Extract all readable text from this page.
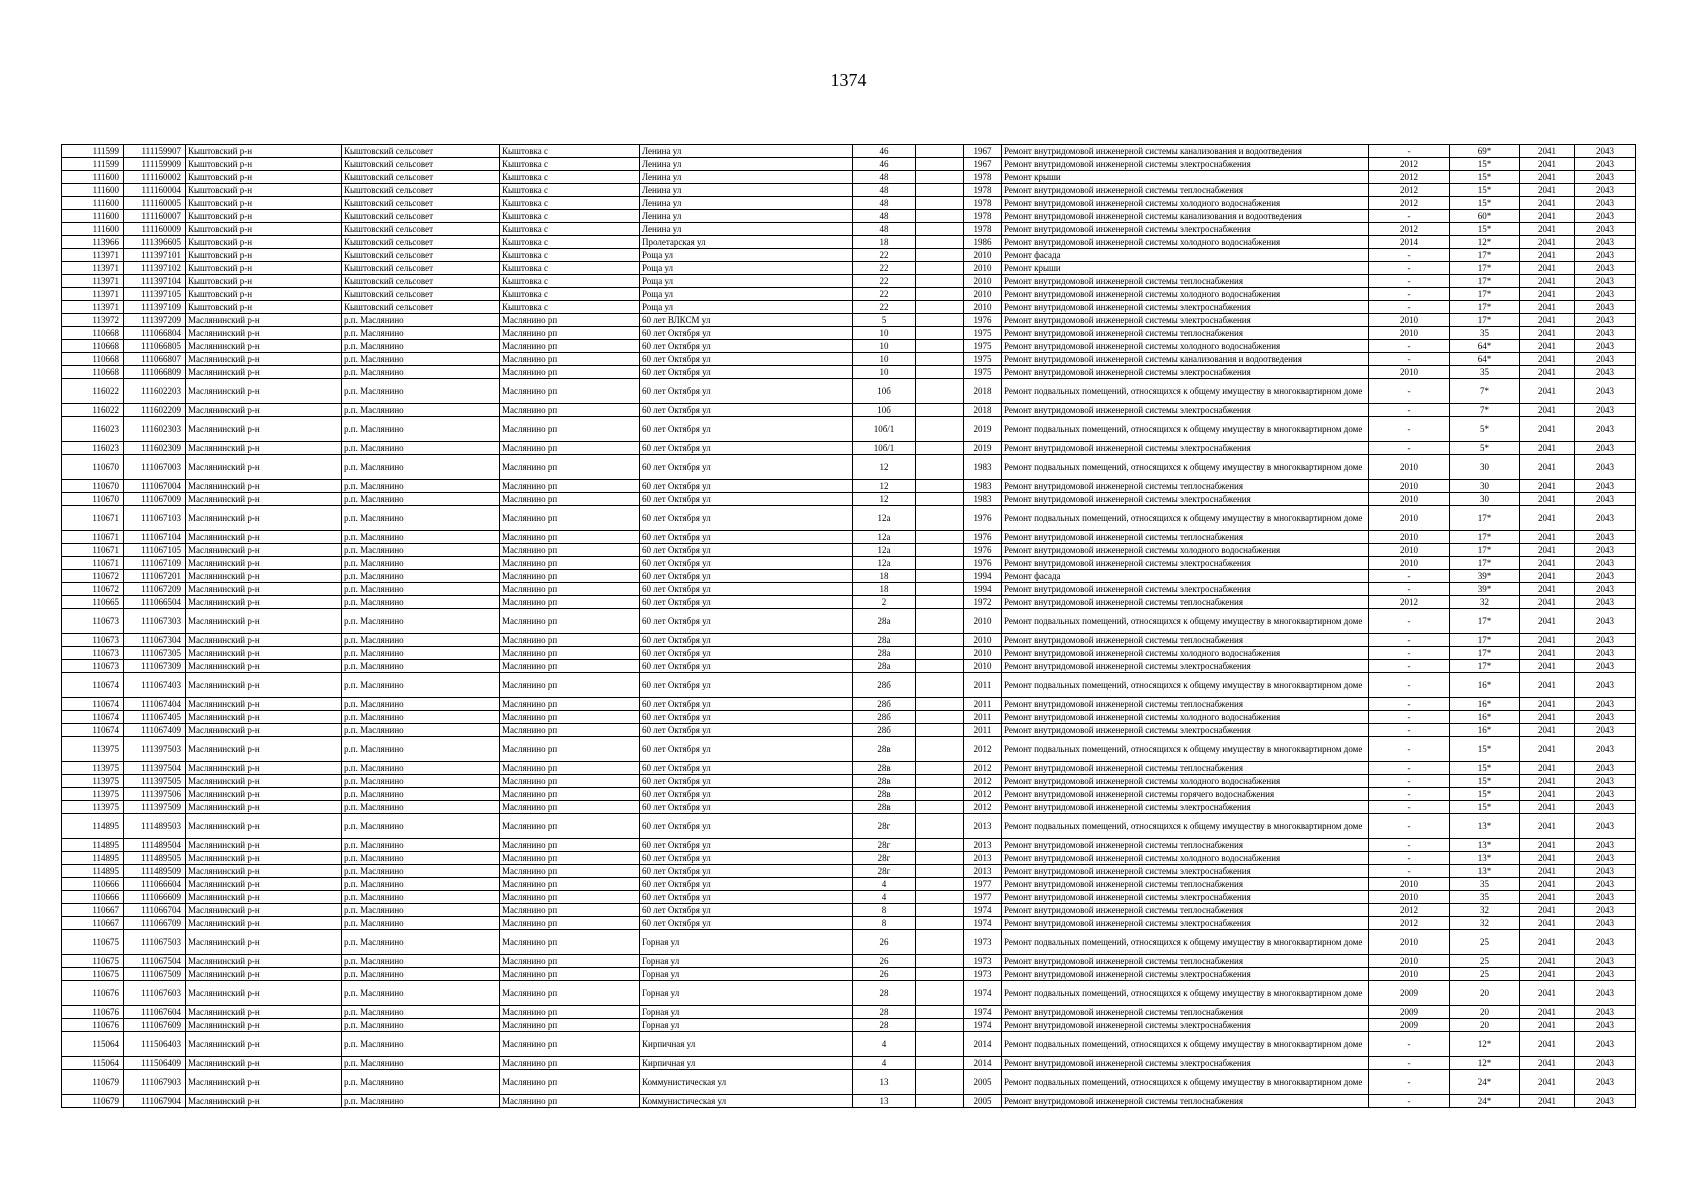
1374
111599	111159907	Кыштовский р-н	Кыштовский сельсовет	Кыштовка с	Ленина ул	46		1967	Ремонт внутридомовой инженерной системы канализования и водоотведения	-	69*	2041	2043
111599	111159909	Кыштовский р-н	Кыштовский сельсовет	Кыштовка с	Ленина ул	46		1967	Ремонт внутридомовой инженерной системы электроснабжения	2012	15*	2041	2043
111600	111160002	Кыштовский р-н	Кыштовский сельсовет	Кыштовка с	Ленина ул	48		1978	Ремонт крыши	2012	15*	2041	2043
111600	111160004	Кыштовский р-н	Кыштовский сельсовет	Кыштовка с	Ленина ул	48		1978	Ремонт внутридомовой инженерной системы теплоснабжения	2012	15*	2041	2043
111600	111160005	Кыштовский р-н	Кыштовский сельсовет	Кыштовка с	Ленина ул	48		1978	Ремонт внутридомовой инженерной системы холодного водоснабжения	2012	15*	2041	2043
111600	111160007	Кыштовский р-н	Кыштовский сельсовет	Кыштовка с	Ленина ул	48		1978	Ремонт внутридомовой инженерной системы канализования и водоотведения	-	60*	2041	2043
111600	111160009	Кыштовский р-н	Кыштовский сельсовет	Кыштовка с	Ленина ул	48		1978	Ремонт внутридомовой инженерной системы электроснабжения	2012	15*	2041	2043
113966	111396605	Кыштовский р-н	Кыштовский сельсовет	Кыштовка с	Пролетарская ул	18		1986	Ремонт внутридомовой инженерной системы холодного водоснабжения	2014	12*	2041	2043
113971	111397101	Кыштовский р-н	Кыштовский сельсовет	Кыштовка с	Роща ул	22		2010	Ремонт фасада	-	17*	2041	2043
113971	111397102	Кыштовский р-н	Кыштовский сельсовет	Кыштовка с	Роща ул	22		2010	Ремонт крыши	-	17*	2041	2043
113971	111397104	Кыштовский р-н	Кыштовский сельсовет	Кыштовка с	Роща ул	22		2010	Ремонт внутридомовой инженерной системы теплоснабжения	-	17*	2041	2043
113971	111397105	Кыштовский р-н	Кыштовский сельсовет	Кыштовка с	Роща ул	22		2010	Ремонт внутридомовой инженерной системы холодного водоснабжения	-	17*	2041	2043
113971	111397109	Кыштовский р-н	Кыштовский сельсовет	Кыштовка с	Роща ул	22		2010	Ремонт внутридомовой инженерной системы электроснабжения	-	17*	2041	2043
113972	111397209	Маслянинский р-н	р.п. Маслянино	Маслянино рп	60 лет ВЛКСМ ул	5		1976	Ремонт внутридомовой инженерной системы электроснабжения	2010	17*	2041	2043
110668	111066804	Маслянинский р-н	р.п. Маслянино	Маслянино рп	60 лет Октября ул	10		1975	Ремонт внутридомовой инженерной системы теплоснабжения	2010	35	2041	2043
110668	111066805	Маслянинский р-н	р.п. Маслянино	Маслянино рп	60 лет Октября ул	10		1975	Ремонт внутридомовой инженерной системы холодного водоснабжения	-	64*	2041	2043
110668	111066807	Маслянинский р-н	р.п. Маслянино	Маслянино рп	60 лет Октября ул	10		1975	Ремонт внутридомовой инженерной системы канализования и водоотведения	-	64*	2041	2043
110668	111066809	Маслянинский р-н	р.п. Маслянино	Маслянино рп	60 лет Октября ул	10		1975	Ремонт внутридомовой инженерной системы электроснабжения	2010	35	2041	2043
116022	111602203	Маслянинский р-н	р.п. Маслянино	Маслянино рп	60 лет Октября ул	10б		2018	Ремонт подвальных помещений, относящихся к общему имуществу в многоквартирном доме	-	7*	2041	2043
116022	111602209	Маслянинский р-н	р.п. Маслянино	Маслянино рп	60 лет Октября ул	10б		2018	Ремонт внутридомовой инженерной системы электроснабжения	-	7*	2041	2043
116023	111602303	Маслянинский р-н	р.п. Маслянино	Маслянино рп	60 лет Октября ул	10б/1		2019	Ремонт подвальных помещений, относящихся к общему имуществу в многоквартирном доме	-	5*	2041	2043
116023	111602309	Маслянинский р-н	р.п. Маслянино	Маслянино рп	60 лет Октября ул	10б/1		2019	Ремонт внутридомовой инженерной системы электроснабжения	-	5*	2041	2043
110670	111067003	Маслянинский р-н	р.п. Маслянино	Маслянино рп	60 лет Октября ул	12		1983	Ремонт подвальных помещений, относящихся к общему имуществу в многоквартирном доме	2010	30	2041	2043
110670	111067004	Маслянинский р-н	р.п. Маслянино	Маслянино рп	60 лет Октября ул	12		1983	Ремонт внутридомовой инженерной системы теплоснабжения	2010	30	2041	2043
110670	111067009	Маслянинский р-н	р.п. Маслянино	Маслянино рп	60 лет Октября ул	12		1983	Ремонт внутридомовой инженерной системы электроснабжения	2010	30	2041	2043
110671	111067103	Маслянинский р-н	р.п. Маслянино	Маслянино рп	60 лет Октября ул	12а		1976	Ремонт подвальных помещений, относящихся к общему имуществу в многоквартирном доме	2010	17*	2041	2043
110671	111067104	Маслянинский р-н	р.п. Маслянино	Маслянино рп	60 лет Октября ул	12а		1976	Ремонт внутридомовой инженерной системы теплоснабжения	2010	17*	2041	2043
110671	111067105	Маслянинский р-н	р.п. Маслянино	Маслянино рп	60 лет Октября ул	12а		1976	Ремонт внутридомовой инженерной системы холодного водоснабжения	2010	17*	2041	2043
110671	111067109	Маслянинский р-н	р.п. Маслянино	Маслянино рп	60 лет Октября ул	12а		1976	Ремонт внутридомовой инженерной системы электроснабжения	2010	17*	2041	2043
110672	111067201	Маслянинский р-н	р.п. Маслянино	Маслянино рп	60 лет Октября ул	18		1994	Ремонт фасада	-	39*	2041	2043
110672	111067209	Маслянинский р-н	р.п. Маслянино	Маслянино рп	60 лет Октября ул	18		1994	Ремонт внутридомовой инженерной системы электроснабжения	-	39*	2041	2043
110665	111066504	Маслянинский р-н	р.п. Маслянино	Маслянино рп	60 лет Октября ул	2		1972	Ремонт внутридомовой инженерной системы теплоснабжения	2012	32	2041	2043
110673	111067303	Маслянинский р-н	р.п. Маслянино	Маслянино рп	60 лет Октября ул	28а		2010	Ремонт подвальных помещений, относящихся к общему имуществу в многоквартирном доме	-	17*	2041	2043
110673	111067304	Маслянинский р-н	р.п. Маслянино	Маслянино рп	60 лет Октября ул	28а		2010	Ремонт внутридомовой инженерной системы теплоснабжения	-	17*	2041	2043
110673	111067305	Маслянинский р-н	р.п. Маслянино	Маслянино рп	60 лет Октября ул	28а		2010	Ремонт внутридомовой инженерной системы холодного водоснабжения	-	17*	2041	2043
110673	111067309	Маслянинский р-н	р.п. Маслянино	Маслянино рп	60 лет Октября ул	28а		2010	Ремонт внутридомовой инженерной системы электроснабжения	-	17*	2041	2043
110674	111067403	Маслянинский р-н	р.п. Маслянино	Маслянино рп	60 лет Октября ул	28б		2011	Ремонт подвальных помещений, относящихся к общему имуществу в многоквартирном доме	-	16*	2041	2043
110674	111067404	Маслянинский р-н	р.п. Маслянино	Маслянино рп	60 лет Октября ул	28б		2011	Ремонт внутридомовой инженерной системы теплоснабжения	-	16*	2041	2043
110674	111067405	Маслянинский р-н	р.п. Маслянино	Маслянино рп	60 лет Октября ул	28б		2011	Ремонт внутридомовой инженерной системы холодного водоснабжения	-	16*	2041	2043
110674	111067409	Маслянинский р-н	р.п. Маслянино	Маслянино рп	60 лет Октября ул	28б		2011	Ремонт внутридомовой инженерной системы электроснабжения	-	16*	2041	2043
113975	111397503	Маслянинский р-н	р.п. Маслянино	Маслянино рп	60 лет Октября ул	28в		2012	Ремонт подвальных помещений, относящихся к общему имуществу в многоквартирном доме	-	15*	2041	2043
113975	111397504	Маслянинский р-н	р.п. Маслянино	Маслянино рп	60 лет Октября ул	28в		2012	Ремонт внутридомовой инженерной системы теплоснабжения	-	15*	2041	2043
113975	111397505	Маслянинский р-н	р.п. Маслянино	Маслянино рп	60 лет Октября ул	28в		2012	Ремонт внутридомовой инженерной системы холодного водоснабжения	-	15*	2041	2043
113975	111397506	Маслянинский р-н	р.п. Маслянино	Маслянино рп	60 лет Октября ул	28в		2012	Ремонт внутридомовой инженерной системы горячего водоснабжения	-	15*	2041	2043
113975	111397509	Маслянинский р-н	р.п. Маслянино	Маслянино рп	60 лет Октября ул	28в		2012	Ремонт внутридомовой инженерной системы электроснабжения	-	15*	2041	2043
114895	111489503	Маслянинский р-н	р.п. Маслянино	Маслянино рп	60 лет Октября ул	28г		2013	Ремонт подвальных помещений, относящихся к общему имуществу в многоквартирном доме	-	13*	2041	2043
114895	111489504	Маслянинский р-н	р.п. Маслянино	Маслянино рп	60 лет Октября ул	28г		2013	Ремонт внутридомовой инженерной системы теплоснабжения	-	13*	2041	2043
114895	111489505	Маслянинский р-н	р.п. Маслянино	Маслянино рп	60 лет Октября ул	28г		2013	Ремонт внутридомовой инженерной системы холодного водоснабжения	-	13*	2041	2043
114895	111489509	Маслянинский р-н	р.п. Маслянино	Маслянино рп	60 лет Октября ул	28г		2013	Ремонт внутридомовой инженерной системы электроснабжения	-	13*	2041	2043
110666	111066604	Маслянинский р-н	р.п. Маслянино	Маслянино рп	60 лет Октября ул	4		1977	Ремонт внутридомовой инженерной системы теплоснабжения	2010	35	2041	2043
110666	111066609	Маслянинский р-н	р.п. Маслянино	Маслянино рп	60 лет Октября ул	4		1977	Ремонт внутридомовой инженерной системы электроснабжения	2010	35	2041	2043
110667	111066704	Маслянинский р-н	р.п. Маслянино	Маслянино рп	60 лет Октября ул	8		1974	Ремонт внутридомовой инженерной системы теплоснабжения	2012	32	2041	2043
110667	111066709	Маслянинский р-н	р.п. Маслянино	Маслянино рп	60 лет Октября ул	8		1974	Ремонт внутридомовой инженерной системы электроснабжения	2012	32	2041	2043
110675	111067503	Маслянинский р-н	р.п. Маслянино	Маслянино рп	Горная ул	26		1973	Ремонт подвальных помещений, относящихся к общему имуществу в многоквартирном доме	2010	25	2041	2043
110675	111067504	Маслянинский р-н	р.п. Маслянино	Маслянино рп	Горная ул	26		1973	Ремонт внутридомовой инженерной системы теплоснабжения	2010	25	2041	2043
110675	111067509	Маслянинский р-н	р.п. Маслянино	Маслянино рп	Горная ул	26		1973	Ремонт внутридомовой инженерной системы электроснабжения	2010	25	2041	2043
110676	111067603	Маслянинский р-н	р.п. Маслянино	Маслянино рп	Горная ул	28		1974	Ремонт подвальных помещений, относящихся к общему имуществу в многоквартирном доме	2009	20	2041	2043
110676	111067604	Маслянинский р-н	р.п. Маслянино	Маслянино рп	Горная ул	28		1974	Ремонт внутридомовой инженерной системы теплоснабжения	2009	20	2041	2043
110676	111067609	Маслянинский р-н	р.п. Маслянино	Маслянино рп	Горная ул	28		1974	Ремонт внутридомовой инженерной системы электроснабжения	2009	20	2041	2043
115064	111506403	Маслянинский р-н	р.п. Маслянино	Маслянино рп	Кирпичная ул	4		2014	Ремонт подвальных помещений, относящихся к общему имуществу в многоквартирном доме	-	12*	2041	2043
115064	111506409	Маслянинский р-н	р.п. Маслянино	Маслянино рп	Кирпичная ул	4		2014	Ремонт внутридомовой инженерной системы электроснабжения	-	12*	2041	2043
110679	111067903	Маслянинский р-н	р.п. Маслянино	Маслянино рп	Коммунистическая ул	13		2005	Ремонт подвальных помещений, относящихся к общему имуществу в многоквартирном доме	-	24*	2041	2043
110679	111067904	Маслянинский р-н	р.п. Маслянино	Маслянино рп	Коммунистическая ул	13		2005	Ремонт внутридомовой инженерной системы теплоснабжения	-	24*	2041	2043
